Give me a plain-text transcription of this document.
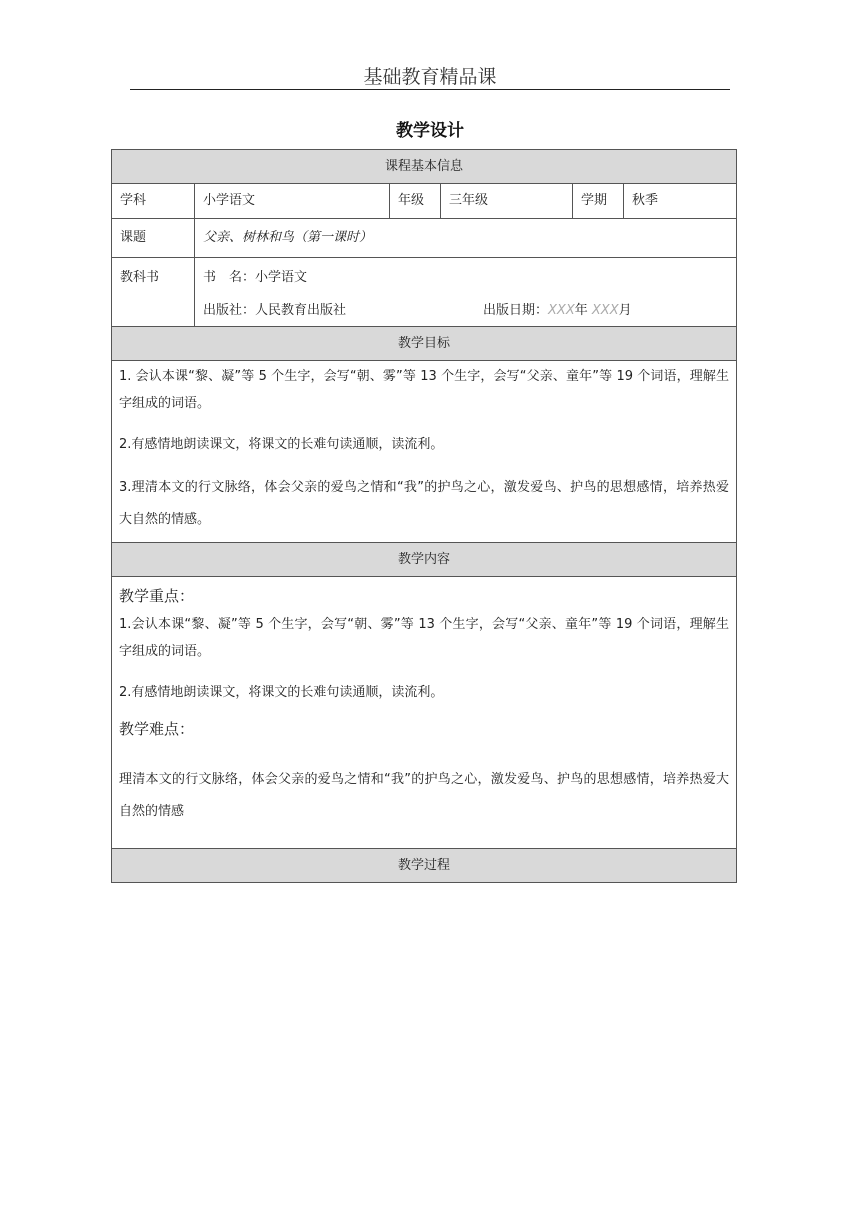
基础教育精品课
教学设计
课程基本信息
学科	小学语文	年级	三年级	学期	秋季
课题	父亲、树林和鸟（第一课时）
教科书	书　名：小学语文
出版社：人民教育出版社	出版日期：XXX年 XXX月
教学目标

1. 会认本课“黎、凝”等 5 个生字，会写“朝、雾”等 13 个生字，会写“父亲、童年”等 19 个词语，理解生字组成的词语。

2.有感情地朗读课文，将课文的长难句读通顺，读流利。

3.理清本文的行文脉络，体会父亲的爱鸟之情和“我”的护鸟之心，激发爱鸟、护鸟的思想感情，培养热爱大自然的情感。

教学内容
教学重点：

1.会认本课“黎、凝”等 5 个生字，会写“朝、雾”等 13 个生字，会写“父亲、童年”等 19 个词语，理解生字组成的词语。

2.有感情地朗读课文，将课文的长难句读通顺，读流利。

教学难点：

理清本文的行文脉络，体会父亲的爱鸟之情和“我”的护鸟之心，激发爱鸟、护鸟的思想感情，培养热爱大自然的情感

教学过程
